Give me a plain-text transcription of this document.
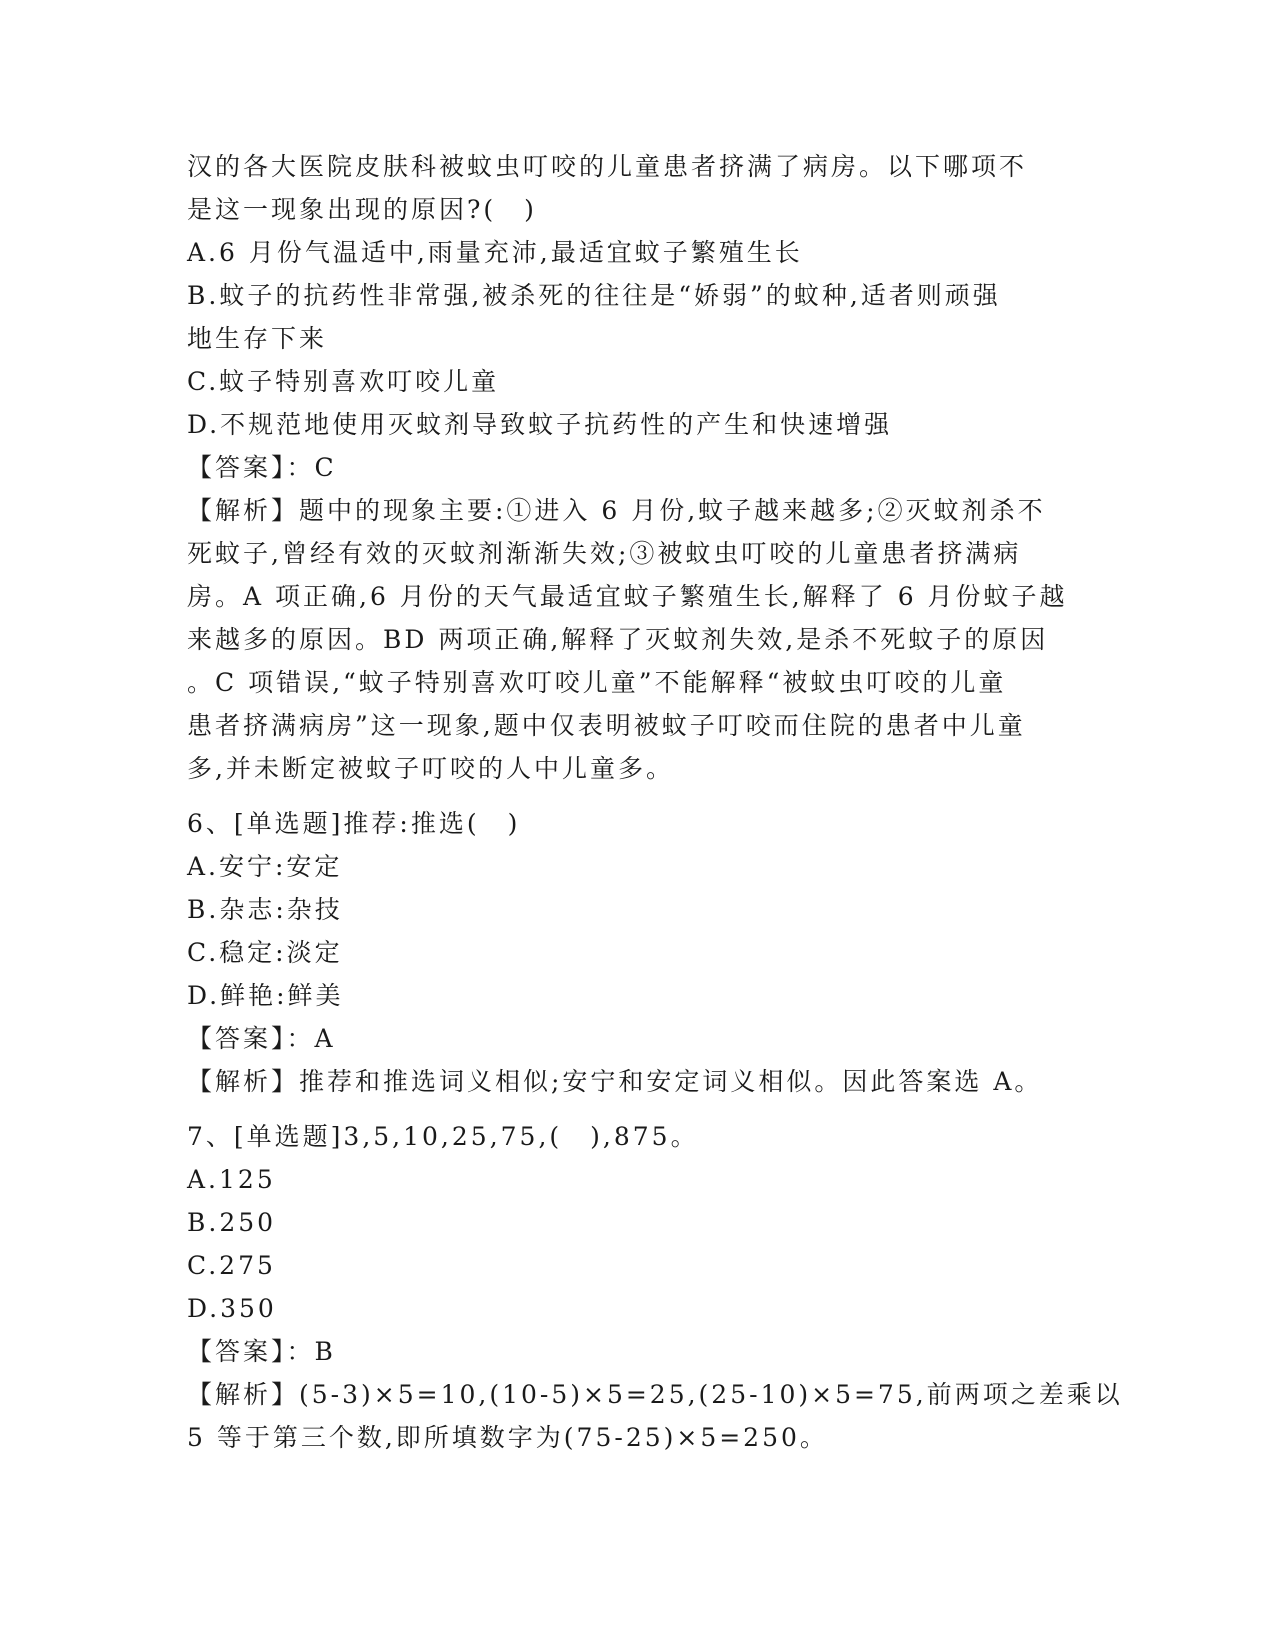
汉的各大医院皮肤科被蚊虫叮咬的儿童患者挤满了病房。以下哪项不
是这一现象出现的原因?(　)
A.6 月份气温适中,雨量充沛,最适宜蚊子繁殖生长
B.蚊子的抗药性非常强,被杀死的往往是“娇弱”的蚊种,适者则顽强
地生存下来
C.蚊子特别喜欢叮咬儿童
D.不规范地使用灭蚊剂导致蚊子抗药性的产生和快速增强
【答案】：C
【解析】题中的现象主要:①进入 6 月份,蚊子越来越多;②灭蚊剂杀不
死蚊子,曾经有效的灭蚊剂渐渐失效;③被蚊虫叮咬的儿童患者挤满病
房。A 项正确,6 月份的天气最适宜蚊子繁殖生长,解释了 6 月份蚊子越
来越多的原因。BD 两项正确,解释了灭蚊剂失效,是杀不死蚊子的原因
。C 项错误,“蚊子特别喜欢叮咬儿童”不能解释“被蚊虫叮咬的儿童
患者挤满病房”这一现象,题中仅表明被蚊子叮咬而住院的患者中儿童
多,并未断定被蚊子叮咬的人中儿童多。
6、[单选题]推荐:推选(　)
A.安宁:安定
B.杂志:杂技
C.稳定:淡定
D.鲜艳:鲜美
【答案】：A
【解析】推荐和推选词义相似;安宁和安定词义相似。因此答案选 A。
7、[单选题]3,5,10,25,75,(　),875。
A.125
B.250
C.275
D.350
【答案】：B
【解析】(5-3)×5=10,(10-5)×5=25,(25-10)×5=75,前两项之差乘以
5 等于第三个数,即所填数字为(75-25)×5=250。
